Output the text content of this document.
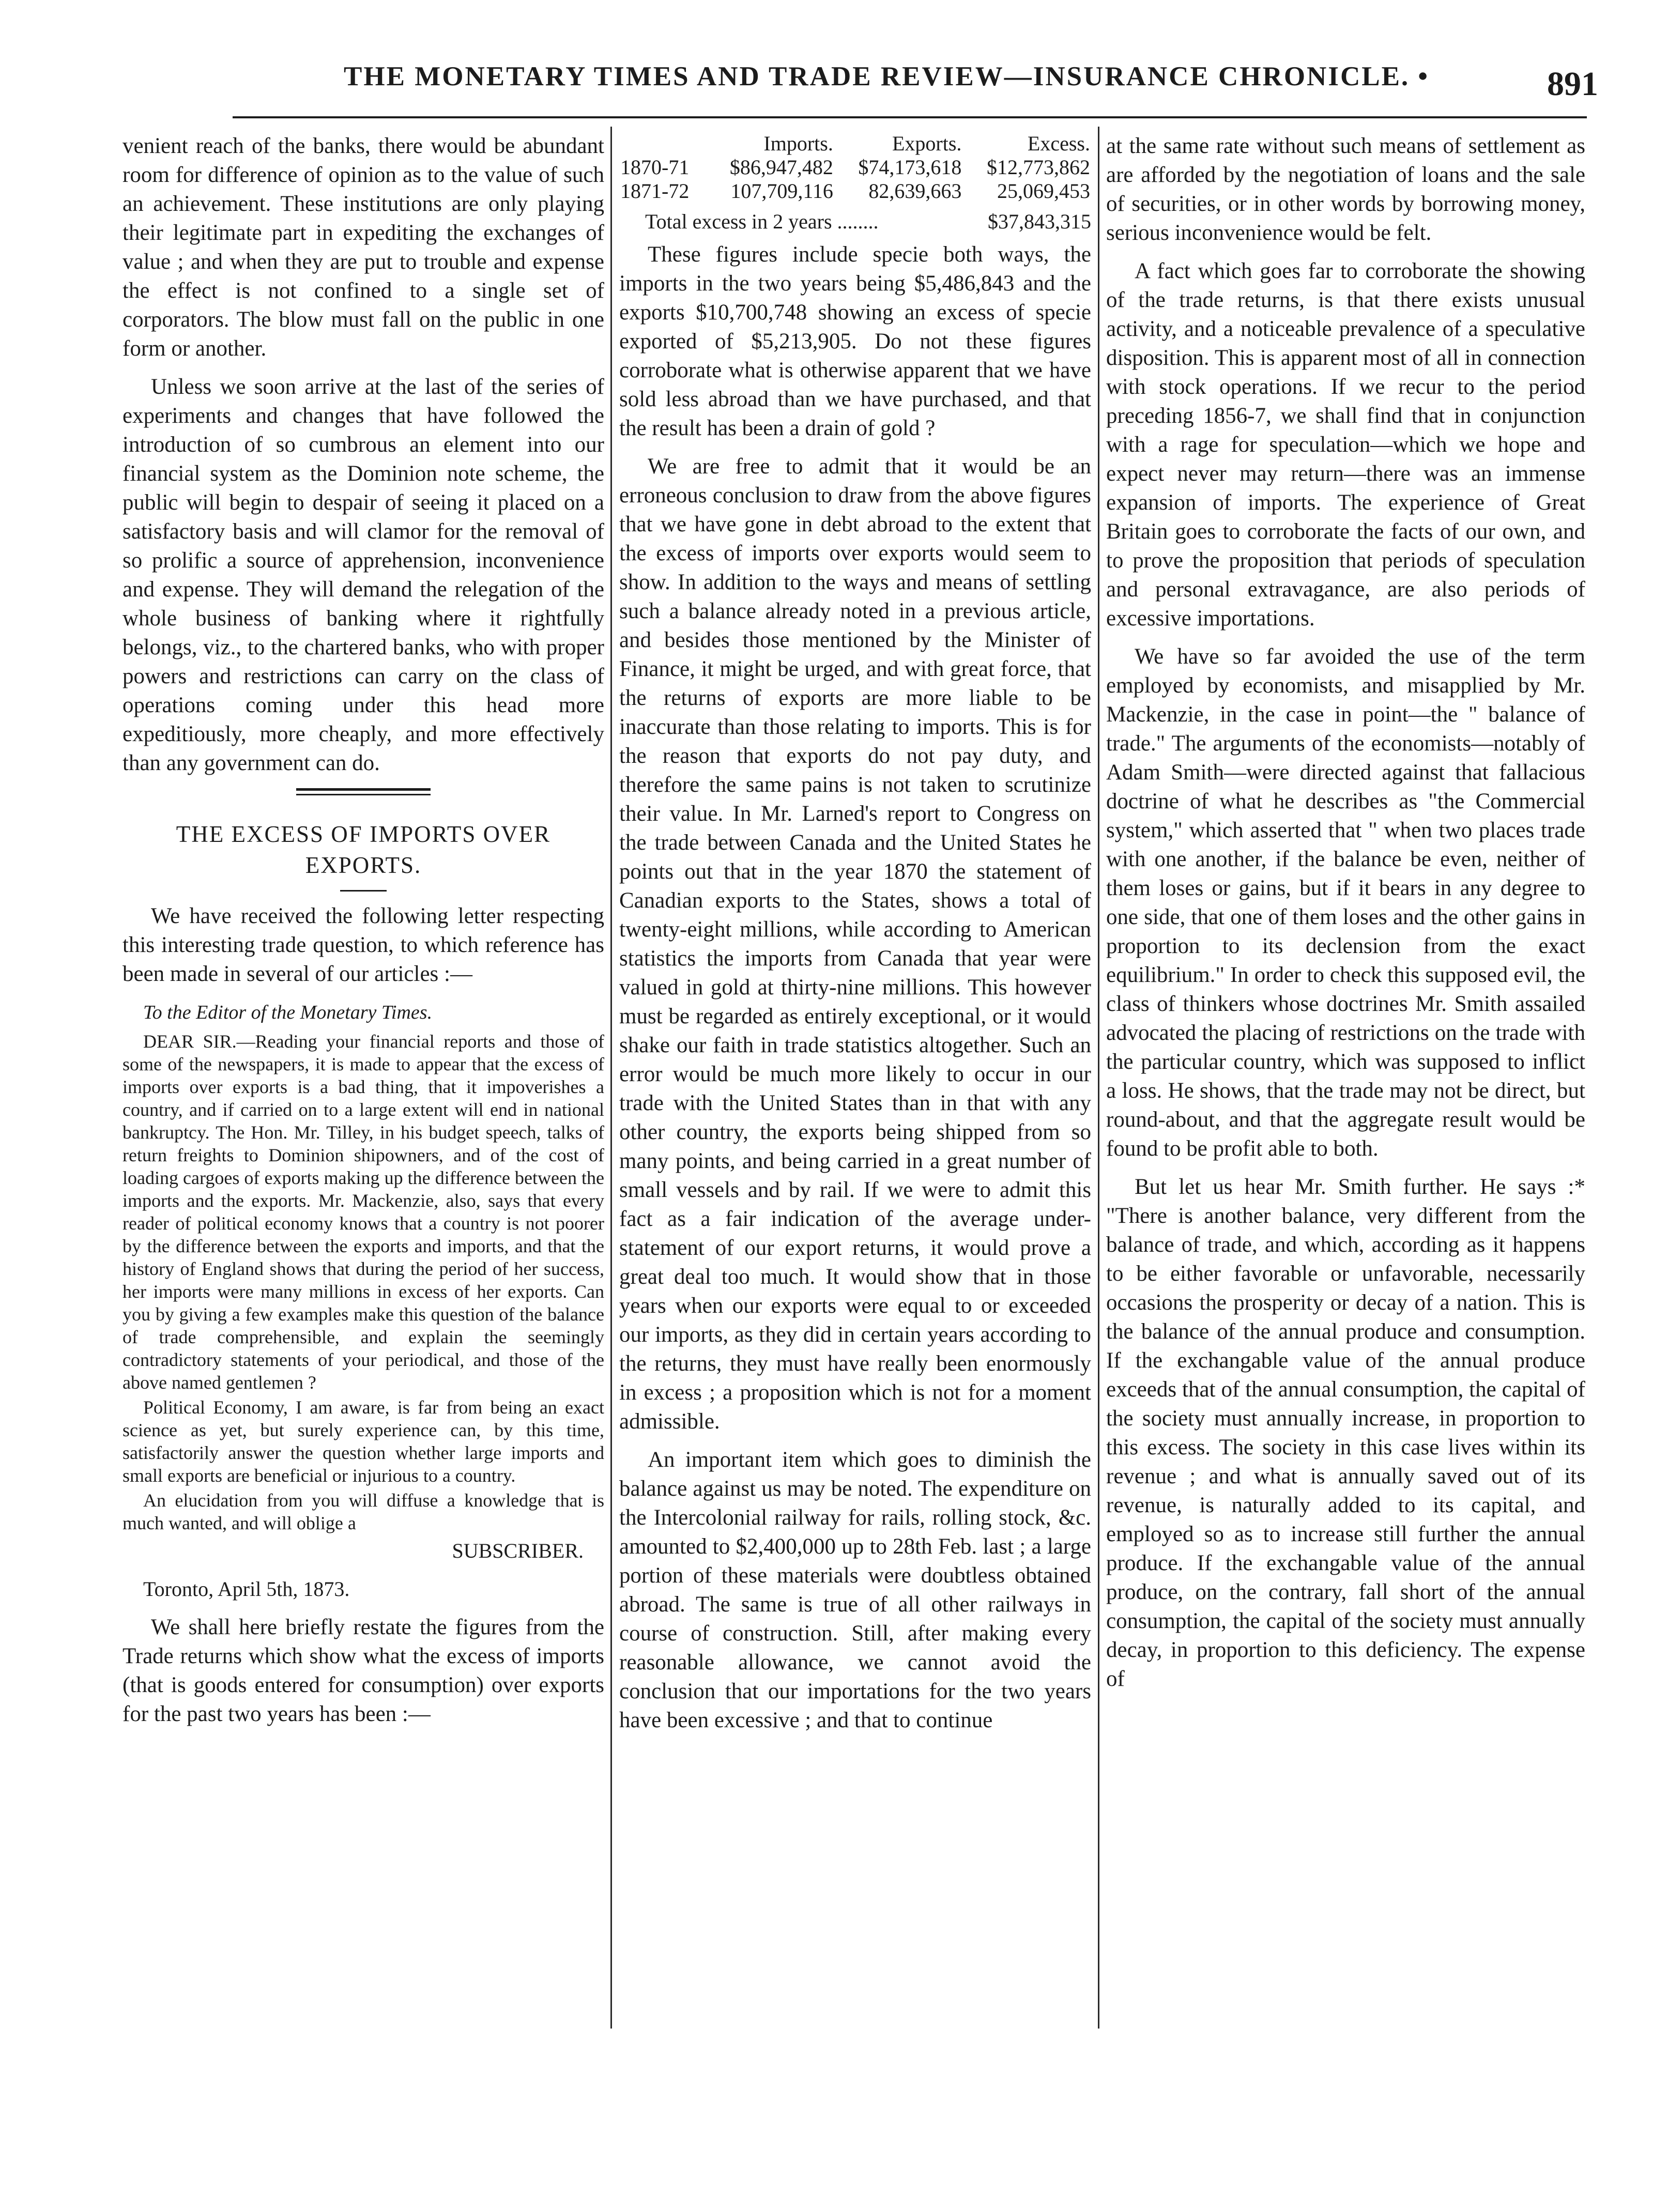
THE MONETARY TIMES AND TRADE REVIEW—INSURANCE CHRONICLE. •	891

venient reach of the banks, there would be abundant room for difference of opinion as to the value of such an achievement. These institutions are only playing their legitimate part in expediting the exchanges of value ; and when they are put to trouble and expense the effect is not confined to a single set of corporators. The blow must fall on the public in one form or another.

Unless we soon arrive at the last of the series of experiments and changes that have followed the introduction of so cumbrous an element into our financial system as the Dominion note scheme, the public will begin to despair of seeing it placed on a satisfactory basis and will clamor for the removal of so prolific a source of apprehension, inconvenience and expense. They will demand the relegation of the whole business of banking where it rightfully belongs, viz., to the chartered banks, who with proper powers and restrictions can carry on the class of operations coming under this head more expeditiously, more cheaply, and more effectively than any government can do.

THE EXCESS OF IMPORTS OVER EXPORTS.

We have received the following letter respecting this interesting trade question, to which reference has been made in several of our articles :—

To the Editor of the Monetary Times.

DEAR SIR.—Reading your financial reports and those of some of the newspapers, it is made to appear that the excess of imports over exports is a bad thing, that it impoverishes a country, and if carried on to a large extent will end in national bankruptcy. The Hon. Mr. Tilley, in his budget speech, talks of return freights to Dominion shipowners, and of the cost of loading cargoes of exports making up the difference between the imports and the exports. Mr. Mackenzie, also, says that every reader of political economy knows that a country is not poorer by the difference between the exports and imports, and that the history of England shows that during the period of her success, her imports were many millions in excess of her exports. Can you by giving a few examples make this question of the balance of trade comprehensible, and explain the seemingly contradictory statements of your periodical, and those of the above named gentlemen ?

Political Economy, I am aware, is far from being an exact science as yet, but surely experience can, by this time, satisfactorily answer the question whether large imports and small exports are beneficial or injurious to a country.

An elucidation from you will diffuse a knowledge that is much wanted, and will oblige a

SUBSCRIBER.

Toronto, April 5th, 1873.

We shall here briefly restate the figures from the Trade returns which show what the excess of imports (that is goods entered for consumption) over exports for the past two years has been :—

	Imports.	Exports.	Excess.
1870-71	$86,947,482	$74,173,618	$12,773,862
1871-72	107,709,116	82,639,663	25,069,453
Total excess in 2 years ........	$37,843,315

These figures include specie both ways, the imports in the two years being $5,486,843 and the exports $10,700,748 showing an excess of specie exported of $5,213,905. Do not these figures corroborate what is otherwise apparent that we have sold less abroad than we have purchased, and that the result has been a drain of gold ?

We are free to admit that it would be an erroneous conclusion to draw from the above figures that we have gone in debt abroad to the extent that the excess of imports over exports would seem to show. In addition to the ways and means of settling such a balance already noted in a previous article, and besides those mentioned by the Minister of Finance, it might be urged, and with great force, that the returns of exports are more liable to be inaccurate than those relating to imports. This is for the reason that exports do not pay duty, and therefore the same pains is not taken to scrutinize their value. In Mr. Larned's report to Congress on the trade between Canada and the United States he points out that in the year 1870 the statement of Canadian exports to the States, shows a total of twenty-eight millions, while according to American statistics the imports from Canada that year were valued in gold at thirty-nine millions. This however must be regarded as entirely exceptional, or it would shake our faith in trade statistics altogether. Such an error would be much more likely to occur in our trade with the United States than in that with any other country, the exports being shipped from so many points, and being carried in a great number of small vessels and by rail. If we were to admit this fact as a fair indication of the average under-statement of our export returns, it would prove a great deal too much. It would show that in those years when our exports were equal to or exceeded our imports, as they did in certain years according to the returns, they must have really been enormously in excess ; a proposition which is not for a moment admissible.

An important item which goes to diminish the balance against us may be noted. The expenditure on the Intercolonial railway for rails, rolling stock, &c. amounted to $2,400,000 up to 28th Feb. last ; a large portion of these materials were doubtless obtained abroad. The same is true of all other railways in course of construction. Still, after making every reasonable allowance, we cannot avoid the conclusion that our importations for the two years have been excessive ; and that to continue

at the same rate without such means of settlement as are afforded by the negotiation of loans and the sale of securities, or in other words by borrowing money, serious inconvenience would be felt.

A fact which goes far to corroborate the showing of the trade returns, is that there exists unusual activity, and a noticeable prevalence of a speculative disposition. This is apparent most of all in connection with stock operations. If we recur to the period preceding 1856-7, we shall find that in conjunction with a rage for speculation—which we hope and expect never may return—there was an immense expansion of imports. The experience of Great Britain goes to corroborate the facts of our own, and to prove the proposition that periods of speculation and personal extravagance, are also periods of excessive importations.

We have so far avoided the use of the term employed by economists, and misapplied by Mr. Mackenzie, in the case in point—the " balance of trade." The arguments of the economists—notably of Adam Smith—were directed against that fallacious doctrine of what he describes as "the Commercial system," which asserted that " when two places trade with one another, if the balance be even, neither of them loses or gains, but if it bears in any degree to one side, that one of them loses and the other gains in proportion to its declension from the exact equilibrium." In order to check this supposed evil, the class of thinkers whose doctrines Mr. Smith assailed advocated the placing of restrictions on the trade with the particular country, which was supposed to inflict a loss. He shows, that the trade may not be direct, but round-about, and that the aggregate result would be found to be profit able to both.

But let us hear Mr. Smith further. He says :* "There is another balance, very different from the balance of trade, and which, according as it happens to be either favorable or unfavorable, necessarily occasions the prosperity or decay of a nation. This is the balance of the annual produce and consumption. If the exchangable value of the annual produce exceeds that of the annual consumption, the capital of the society must annually increase, in proportion to this excess. The society in this case lives within its revenue ; and what is annually saved out of its revenue, is naturally added to its capital, and employed so as to increase still further the annual produce. If the exchangable value of the annual produce, on the contrary, fall short of the annual consumption, the capital of the society must annually decay, in proportion to this deficiency. The expense of
